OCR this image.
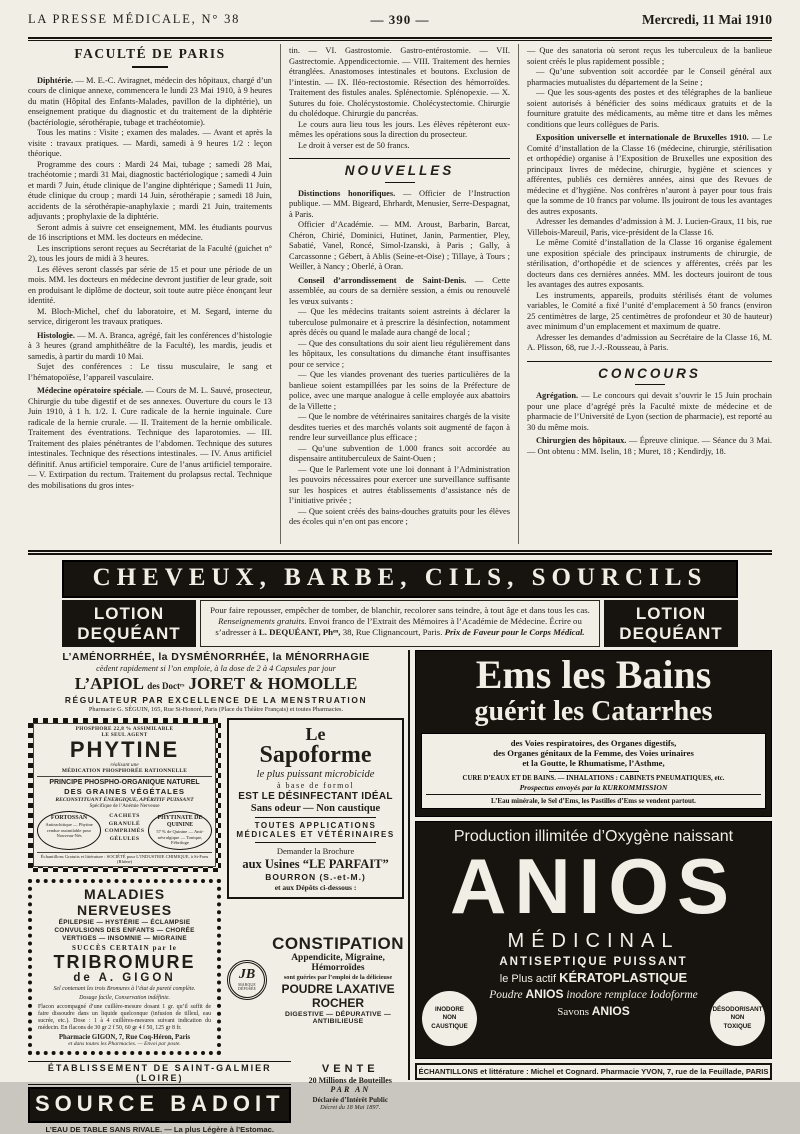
LA PRESSE MÉDICALE, N° 38	— 390 —	Mercredi, 11 Mai 1910
FACULTÉ DE PARIS

Diphtérie. — M. E.-C. Aviragnet, médecin des hôpitaux, chargé d’un cours de clinique annexe, commencera le lundi 23 Mai 1910, à 9 heures du matin (Hôpital des Enfants-Malades, pavillon de la diphtérie), un enseignement pratique du diagnostic et du traitement de la diphtérie (bactériologie, sérothérapie, tubage et trachéotomie).

Tous les matins : Visite ; examen des malades. — Avant et après la visite : travaux pratiques. — Mardi, samedi à 9 heures 1/2 : leçon théorique.

Programme des cours : Mardi 24 Mai, tubage ; samedi 28 Mai, trachéotomie ; mardi 31 Mai, diagnostic bactériologique ; samedi 4 Juin et mardi 7 Juin, étude clinique de l’angine diphtérique ; Samedi 11 Juin, étude clinique du croup ; mardi 14 Juin, sérothérapie ; samedi 18 Juin, accidents de la sérothérapie-anaphylaxie ; mardi 21 Juin, traitements adjuvants ; prophylaxie de la diphtérie.

Seront admis à suivre cet enseignement, MM. les étudiants pourvus de 16 inscriptions et MM. les docteurs en médecine.

Les inscriptions seront reçues au Secrétariat de la Faculté (guichet n° 2), tous les jours de midi à 3 heures.

Les élèves seront classés par série de 15 et pour une période de un mois. MM. les docteurs en médecine devront justifier de leur grade, soit en produisant le diplôme de docteur, soit toute autre pièce énonçant leur identité.

M. Bloch-Michel, chef du laboratoire, et M. Segard, interne du service, dirigeront les travaux pratiques.

Histologie. — M. A. Branca, agrégé, fait les conférences d’histologie à 3 heures (grand amphithéâtre de la Faculté), les mardis, jeudis et samedis, à partir du mardi 10 Mai.

Sujet des conférences : Le tissu musculaire, le sang et l’hématopoïèse, l’appareil vasculaire.

Médecine opératoire spéciale. — Cours de M. L. Sauvé, prosecteur, Chirurgie du tube digestif et de ses annexes. Ouverture du cours le 13 Juin 1910, à 1 h. 1/2. I. Cure radicale de la hernie inguinale. Cure radicale de la hernie crurale. — II. Traitement de la hernie ombilicale. Traitement des éventrations. Technique des laparotomies. — III. Traitement des plaies pénétrantes de l’abdomen. Technique des sutures intestinales. Technique des résections intestinales. — IV. Anus artificiel définitif. Anus artificiel temporaire. Cure de l’anus artificiel temporaire. — V. Extirpation du rectum. Traitement du prolapsus rectal. Technique des mobilisations du gros intes-

tin. — VI. Gastrostomie. Gastro-entérostomie. — VII. Gastrectomie. Appendicectomie. — VIII. Traitement des hernies étranglées. Anastomoses intestinales et boutons. Exclusion de l’intestin. — IX. Iléo-rectostomie. Résection des hémorroïdes. Traitement des fistules anales. Splénectomie. Splénopexie. — X. Sutures du foie. Cholécystostomie. Cholécystectomie. Chirurgie du cholédoque. Chirurgie du pancréas.

Le cours aura lieu tous les jours. Les élèves répèteront eux-mêmes les opérations sous la direction du prosecteur.

Le droit à verser est de 50 francs.

NOUVELLES

Distinctions honorifiques. — Officier de l’Instruction publique. — MM. Bigeard, Ehrhardt, Menusier, Serre-Despagnat, à Paris.

Officier d’Académie. — MM. Aroust, Barbarin, Barcat, Chéron, Chirié, Dominici, Hutinet, Janin, Parmentier, Pley, Sabatié, Vanel, Roncé, Simol-Izanski, à Paris ; Gally, à Carcassonne ; Gébert, à Ablis (Seine-et-Oise) ; Tillaye, à Tours ; Weiller, à Nancy ; Oberlé, à Oran.

Conseil d’arrondissement de Saint-Denis. — Cette assemblée, au cours de sa dernière session, a émis ou renouvelé les vœux suivants :

— Que les médecins traitants soient astreints à déclarer la tuberculose pulmonaire et à prescrire la désinfection, notamment après décès ou quand le malade aura changé de local ;

— Que des consultations du soir aient lieu régulièrement dans les hôpitaux, les consultations du dimanche étant insuffisantes pour ce service ;

— Que les viandes provenant des tueries particulières de la banlieue soient estampillées par les soins de la Préfecture de police, avec une marque analogue à celle employée aux abattoirs de la Villette ;

— Que le nombre de vétérinaires sanitaires chargés de la visite desdites tueries et des marchés volants soit augmenté de façon à rendre leur surveillance plus efficace ;

— Qu’une subvention de 1.000 francs soit accordée au dispensaire antituberculeux de Saint-Ouen ;

— Que le Parlement vote une loi donnant à l’Administration les pouvoirs nécessaires pour exercer une surveillance suffisante sur les hospices et autres établissements d’assistance nés de l’initiative privée ;

— Que soient créés des bains-douches gratuits pour les élèves des écoles qui n’en ont pas encore ;

— Que des sanatoria où seront reçus les tuberculeux de la banlieue soient créés le plus rapidement possible ;

— Qu’une subvention soit accordée par le Conseil général aux pharmacies mutualistes du département de la Seine ;

— Que les sous-agents des postes et des télégraphes de la banlieue soient autorisés à bénéficier des soins médicaux gratuits et de la fourniture gratuite des médicaments, au même titre et dans les mêmes conditions que leurs collègues de Paris.

Exposition universelle et internationale de Bruxelles 1910. — Le Comité d’installation de la Classe 16 (médecine, chirurgie, stérilisation et orthopédie) organise à l’Exposition de Bruxelles une exposition des principaux livres de médecine, chirurgie, hygiène et sciences y afférentes, publiés ces dernières années, ainsi que des Revues de médecine et d’hygiène. Nos confrères n’auront à payer pour tous frais que la somme de 10 francs par volume. Ils jouiront de tous les avantages des autres exposants.

Adresser les demandes d’admission à M. J. Lucien-Graux, 11 bis, rue Villebois-Mareuil, Paris, vice-président de la Classe 16.

Le même Comité d’installation de la Classe 16 organise également une exposition spéciale des principaux instruments de chirurgie, de stérilisation, d’orthopédie et de sciences y afférentes, créés par les docteurs dans ces dernières années. MM. les docteurs jouiront de tous les avantages des autres exposants.

Les instruments, appareils, produits stérilisés étant de volumes variables, le Comité a fixé l’unité d’emplacement à 50 francs (environ 25 centimètres de large, 25 centimètres de profondeur et 30 de hauteur) avec minimum d’un emplacement et maximum de quatre.

Adresser les demandes d’admission au Secrétaire de la Classe 16, M. A. Plisson, 68, rue J.-J.-Rousseau, à Paris.

CONCOURS

Agrégation. — Le concours qui devait s’ouvrir le 15 Juin prochain pour une place d’agrégé près la Faculté mixte de médecine et de pharmacie de l’Université de Lyon (section de pharmacie), est reporté au 30 du même mois.

Chirurgien des hôpitaux. — Épreuve clinique. — Séance du 3 Mai. — Ont obtenu : MM. Iselin, 18 ; Muret, 18 ; Kendirdjy, 18.

CHEVEUX, BARBE, CILS, SOURCILS
LOTION
DEQUÉANT

Pour faire repousser, empêcher de tomber, de blanchir, recolorer sans teindre, à tout âge et dans tous les cas. Renseignements gratuits. Envoi franco de l’Extrait des Mémoires à l’Académie de Médecine. Écrire ou s’adresser à L. DEQUÉANT, Phᵉⁿ, 38, Rue Clignancourt, Paris. Prix de Faveur pour le Corps Médical.

LOTION
DEQUÉANT
L’AMÉNORRHÉE, la DYSMÉNORRHÉE, la MÉNORRHAGIE
cèdent rapidement si l’on emploie, à la dose de 2 à 4 Capsules par jour
L’APIOL des Doctʳˢ JORET & HOMOLLE
RÉGULATEUR PAR EXCELLENCE DE LA MENSTRUATION
Pharmacie G. SÉGUIN, 165, Rue St-Honoré, Paris (Place du Théâtre Français) et toutes Pharmacies.
PHOSPHORE 22,8 % ASSIMILABLE
LE SEUL AGENT
PHYTINE
réalisant une
MÉDICATION PHOSPHORÉE RATIONNELLE
PRINCIPE PHOSPHO-ORGANIQUE NATUREL
DES GRAINES VÉGÉTALES
RECONSTITUANT ÉNERGIQUE, APÉRITIF PUISSANT
Spécifique de l’Anémie Nerveuse
FORTOSSAN
Antirachitique — Phytine rendue assimilable pour Nouveau-Nés
CACHETS
GRANULÉ
COMPRIMÉS
GÉLULES
PHYTINATE DE QUININE
57 % de Quinine — Anti-névralgique — Tonique, Fébrifuge
Échantillons Gratuits et littérature : SOCIÉTÉ pour L’INDUSTRIE CHIMIQUE, à St-Fons (Rhône)
MALADIES NERVEUSES
ÉPILEPSIE — HYSTÉRIE — ÉCLAMPSIE
CONVULSIONS DES ENFANTS — CHORÉE
VERTIGES — INSOMNIE — MIGRAINE
SUCCÈS CERTAIN par le
TRIBROMURE
de A. GIGON
Sel contenant les trois Bromures à l’état de pureté complète.
Dosage facile, Conservation indéfinie.
Flacon accompagné d’une cuillère-mesure dosant 1 gr. qu’il suffit de faire dissoudre dans un liquide quelconque (infusion de tilleul, eau sucrée, etc.). Dose : 1 à 4 cuillères-mesures suivant indication du médecin. En flacons de 30 gr 2 f 50, 60 gr 4 f 50, 125 gr 8 fr.
Pharmacie GIGON, 7, Rue Coq-Héron, Paris
et dans toutes les Pharmacies. — Envoi par poste.
Le
Sapoforme
le plus puissant microbicide
à base de formol
EST LE DÉSINFECTANT IDÉAL
Sans odeur — Non caustique
TOUTES APPLICATIONS
MÉDICALES ET VÉTÉRINAIRES
Demander la Brochure
aux Usines “LE PARFAIT”
BOURRON (S.-et-M.)
et aux Dépôts ci-dessous :
JB
MARQUE DÉPOSÉE
CONSTIPATION
Appendicite, Migraine, Hémorroïdes
sont guéries par l’emploi de la délicieuse
POUDRE LAXATIVE ROCHER
DIGESTIVE — DÉPURATIVE — ANTIBILIEUSE
ÉTABLISSEMENT DE SAINT-GALMIER (LOIRE)
SOURCE BADOIT
L’EAU DE TABLE SANS RIVALE. — La plus Légère à l’Estomac.
VENTE
20 Millions de Bouteilles
PAR AN
Déclarée d’Intérêt Public
Décret du 18 Mai 1897.
Ems les Bains
guérit les Catarrhes
des Voies respiratoires, des Organes digestifs,
des Organes génitaux de la Femme, des Voies urinaires
et la Goutte, le Rhumatisme, l’Asthme,
CURE D’EAUX ET DE BAINS. — INHALATIONS : CABINETS PNEUMATIQUES, etc.
Prospectus envoyés par la KURKOMMISSION
L’Eau minérale, le Sel d’Ems, les Pastilles d’Ems se vendent partout.
Production illimitée d’Oxygène naissant
ANIOS
MÉDICINAL
ANTISEPTIQUE PUISSANT
le Plus actif KÉRATOPLASTIQUE
Poudre ANIOS inodore remplace Iodoforme
Savons ANIOS
INODORE
NON
CAUSTIQUE
DÉSODORISANT
NON
TOXIQUE
ÉCHANTILLONS et littérature : Michel et Cognard. Pharmacie YVON, 7, rue de la Feuillade, PARIS
